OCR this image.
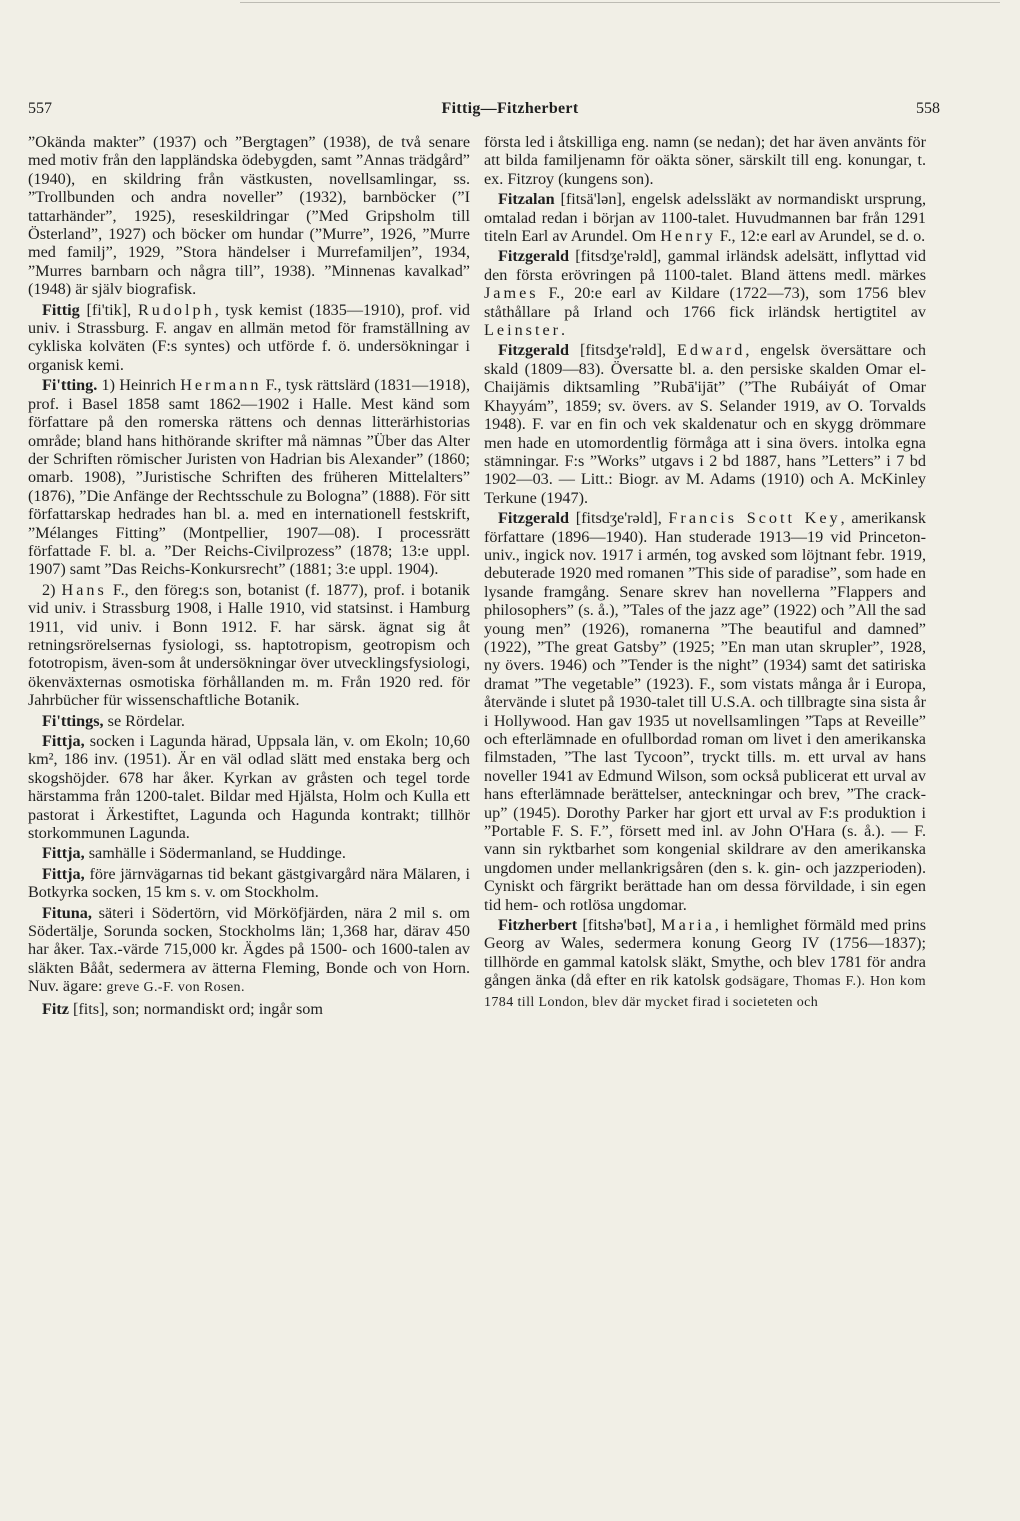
557	Fittig—Fitzherbert	558

”Okända makter” (1937) och ”Bergtagen” (1938), de två senare med motiv från den lappländska ödebygden, samt ”Annas trädgård” (1940), en skildring från västkusten, novellsamlingar, ss. ”Trollbunden och andra noveller” (1932), barnböcker (”I tattarhänder”, 1925), reseskildringar (”Med Gripsholm till Österland”, 1927) och böcker om hundar (”Murre”, 1926, ”Murre med familj”, 1929, ”Stora händelser i Murrefamiljen”, 1934, ”Murres barnbarn och några till”, 1938). ”Minnenas kavalkad” (1948) är själv biografisk.

Fittig [fi'tik], Rudolph, tysk kemist (1835—1910), prof. vid univ. i Strassburg. F. angav en allmän metod för framställning av cykliska kolväten (F:s syntes) och utförde f. ö. undersökningar i organisk kemi.

Fi'tting. 1) Heinrich Hermann F., tysk rättslärd (1831—1918), prof. i Basel 1858 samt 1862—1902 i Halle. Mest känd som författare på den romerska rättens och dennas litterärhistorias område; bland hans hithörande skrifter må nämnas ”Über das Alter der Schriften römischer Juristen von Hadrian bis Alexander” (1860; omarb. 1908), ”Juristische Schriften des früheren Mittelalters” (1876), ”Die Anfänge der Rechtsschule zu Bologna” (1888). För sitt författarskap hedrades han bl. a. med en internationell festskrift, ”Mélanges Fitting” (Montpellier, 1907—08). I processrätt författade F. bl. a. ”Der Reichs-Civilprozess” (1878; 13:e uppl. 1907) samt ”Das Reichs-Konkursrecht” (1881; 3:e uppl. 1904).

2) Hans F., den föreg:s son, botanist (f. 1877), prof. i botanik vid univ. i Strassburg 1908, i Halle 1910, vid statsinst. i Hamburg 1911, vid univ. i Bonn 1912. F. har särsk. ägnat sig åt retningsrörelsernas fysiologi, ss. haptotropism, geotropism och fototropism, även-som åt undersökningar över utvecklingsfysiologi, ökenväxternas osmotiska förhållanden m. m. Från 1920 red. för Jahrbücher für wissenschaftliche Botanik.

Fi'ttings, se Rördelar.

Fittja, socken i Lagunda härad, Uppsala län, v. om Ekoln; 10,60 km², 186 inv. (1951). Är en väl odlad slätt med enstaka berg och skogshöjder. 678 har åker. Kyrkan av gråsten och tegel torde härstamma från 1200-talet. Bildar med Hjälsta, Holm och Kulla ett pastorat i Ärkestiftet, Lagunda och Hagunda kontrakt; tillhör storkommunen Lagunda.

Fittja, samhälle i Södermanland, se Huddinge.

Fittja, före järnvägarnas tid bekant gästgivargård nära Mälaren, i Botkyrka socken, 15 km s. v. om Stockholm.

Fituna, säteri i Södertörn, vid Mörköfjärden, nära 2 mil s. om Södertälje, Sorunda socken, Stockholms län; 1,368 har, därav 450 har åker. Tax.-värde 715,000 kr. Ägdes på 1500- och 1600-talen av släkten Bååt, sedermera av ätterna Fleming, Bonde och von Horn. Nuv. ägare: greve G.-F. von Rosen.

Fitz [fits], son; normandiskt ord; ingår som

första led i åtskilliga eng. namn (se nedan); det har även använts för att bilda familjenamn för oäkta söner, särskilt till eng. konungar, t. ex. Fitzroy (kungens son).

Fitzalan [fitsä'lən], engelsk adelssläkt av normandiskt ursprung, omtalad redan i början av 1100-talet. Huvudmannen bar från 1291 titeln Earl av Arundel. Om Henry F., 12:e earl av Arundel, se d. o.

Fitzgerald [fitsdʒe'rəld], gammal irländsk adelsätt, inflyttad vid den första erövringen på 1100-talet. Bland ättens medl. märkes James F., 20:e earl av Kildare (1722—73), som 1756 blev ståthållare på Irland och 1766 fick irländsk hertigtitel av Leinster.

Fitzgerald [fitsdʒe'rəld], Edward, engelsk översättare och skald (1809—83). Översatte bl. a. den persiske skalden Omar el-Chaijämis diktsamling ”Rubā'ijāt” (”The Rubáiyát of Omar Khayyám”, 1859; sv. övers. av S. Selander 1919, av O. Torvalds 1948). F. var en fin och vek skaldenatur och en skygg drömmare men hade en utomordentlig förmåga att i sina övers. intolka egna stämningar. F:s ”Works” utgavs i 2 bd 1887, hans ”Letters” i 7 bd 1902—03. — Litt.: Biogr. av M. Adams (1910) och A. McKinley Terkune (1947).

Fitzgerald [fitsdʒe'rəld], Francis Scott Key, amerikansk författare (1896—1940). Han studerade 1913—19 vid Princeton-univ., ingick nov. 1917 i armén, tog avsked som löjtnant febr. 1919, debuterade 1920 med romanen ”This side of paradise”, som hade en lysande framgång. Senare skrev han novellerna ”Flappers and philosophers” (s. å.), ”Tales of the jazz age” (1922) och ”All the sad young men” (1926), romanerna ”The beautiful and damned” (1922), ”The great Gatsby” (1925; ”En man utan skrupler”, 1928, ny övers. 1946) och ”Tender is the night” (1934) samt det satiriska dramat ”The vegetable” (1923). F., som vistats många år i Europa, återvände i slutet på 1930-talet till U.S.A. och tillbragte sina sista år i Hollywood. Han gav 1935 ut novellsamlingen ”Taps at Reveille” och efterlämnade en ofullbordad roman om livet i den amerikanska filmstaden, ”The last Tycoon”, tryckt tills. m. ett urval av hans noveller 1941 av Edmund Wilson, som också publicerat ett urval av hans efterlämnade berättelser, anteckningar och brev, ”The crack-up” (1945). Dorothy Parker har gjort ett urval av F:s produktion i ”Portable F. S. F.”, försett med inl. av John O'Hara (s. å.). — F. vann sin ryktbarhet som kongenial skildrare av den amerikanska ungdomen under mellankrigsåren (den s. k. gin- och jazzperioden). Cyniskt och färgrikt berättade han om dessa förvildade, i sin egen tid hem- och rotlösa ungdomar.

Fitzherbert [fitshə'bət], Maria, i hemlighet förmäld med prins Georg av Wales, sedermera konung Georg IV (1756—1837); tillhörde en gammal katolsk släkt, Smythe, och blev 1781 för andra gången änka (då efter en rik katolsk godsägare, Thomas F.). Hon kom 1784 till London, blev där mycket firad i societeten och
